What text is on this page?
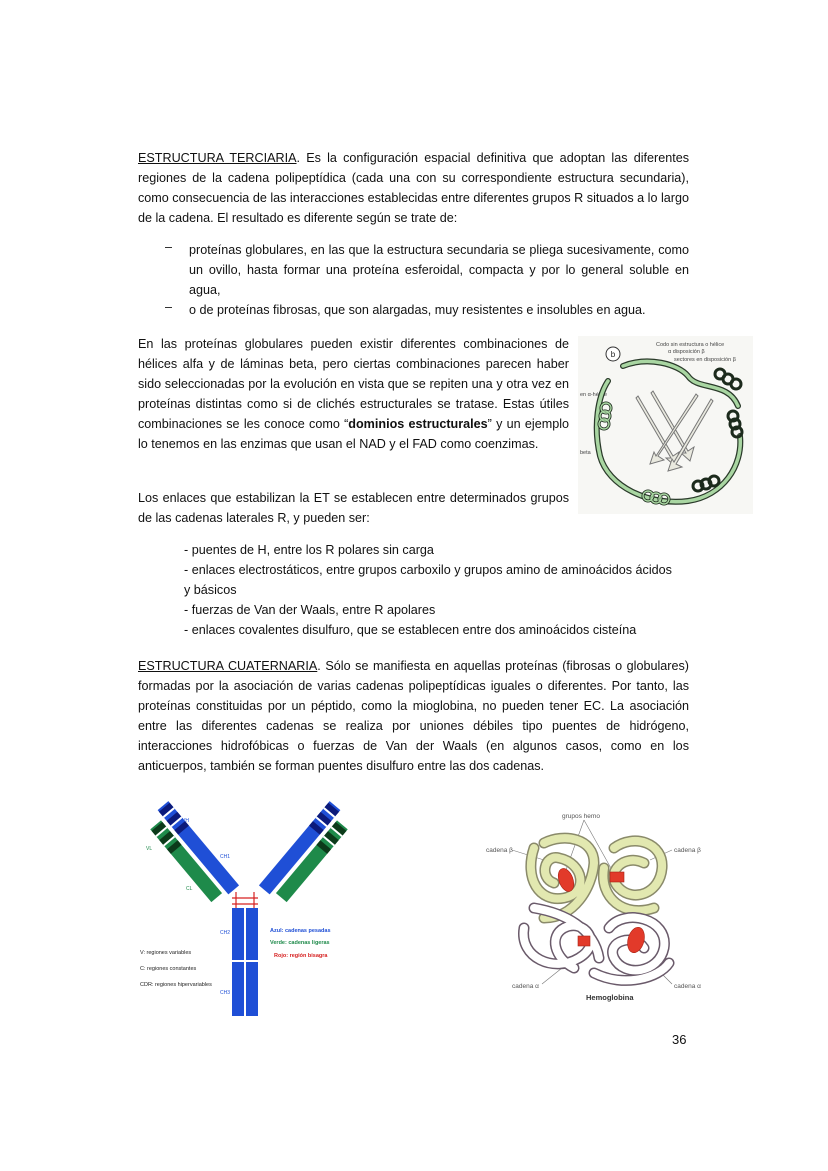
ESTRUCTURA TERCIARIA. Es la configuración espacial definitiva que adoptan las diferentes regiones de la cadena polipeptídica (cada una con su correspondiente estructura secundaria), como consecuencia de las interacciones establecidas entre diferentes grupos R situados a lo largo de la cadena. El resultado es diferente según se trate de:

– proteínas globulares, en las que la estructura secundaria se pliega sucesivamente, como un ovillo, hasta formar una proteína esferoidal, compacta y por lo general soluble en agua,

– o de proteínas fibrosas, que son alargadas, muy resistentes e insolubles en agua.

En las proteínas globulares pueden existir diferentes combinaciones de hélices alfa y de láminas beta, pero ciertas combinaciones parecen haber sido seleccionadas por la evolución en vista que se repiten una y otra vez en proteínas distintas como si de clichés estructurales se tratase. Estas útiles combinaciones se les conoce como “dominios estructurales” y un ejemplo lo tenemos en las enzimas que usan el NAD y el FAD como coenzimas.

b
Codo sin estructura o hélice
α disposición β
sectores en disposición β
en α-hélice
beta

Los enlaces que estabilizan la ET se establecen entre determinados grupos de las cadenas laterales R, y pueden ser:

- puentes de H, entre los R polares sin carga

- enlaces electrostáticos, entre grupos carboxilo y grupos amino de aminoácidos ácidos

y básicos

- fuerzas de Van der Waals, entre R apolares

- enlaces covalentes disulfuro, que se establecen entre dos aminoácidos cisteína

ESTRUCTURA CUATERNARIA. Sólo se manifiesta en aquellas proteínas (fibrosas o globulares) formadas por la asociación de varias cadenas polipeptídicas iguales o diferentes. Por tanto, las proteínas constituidas por un péptido, como la mioglobina, no pueden tener EC. La asociación entre las diferentes cadenas se realiza por uniones débiles tipo puentes de hidrógeno, interacciones hidrofóbicas o fuerzas de Van der Waals (en algunos casos, como en los anticuerpos, también se forman puentes disulfuro entre las dos cadenas.

VH
VL
CH1
CL
CH2
CH3
Azul: cadenas pesadas
Verde: cadenas ligeras
Rojo: región bisagra
V: regiones variables
C: regiones constantes
CDR: regiones hipervariables
grupos hemo
cadena β	cadena β
cadena α	cadena α
Hemoglobina
36
